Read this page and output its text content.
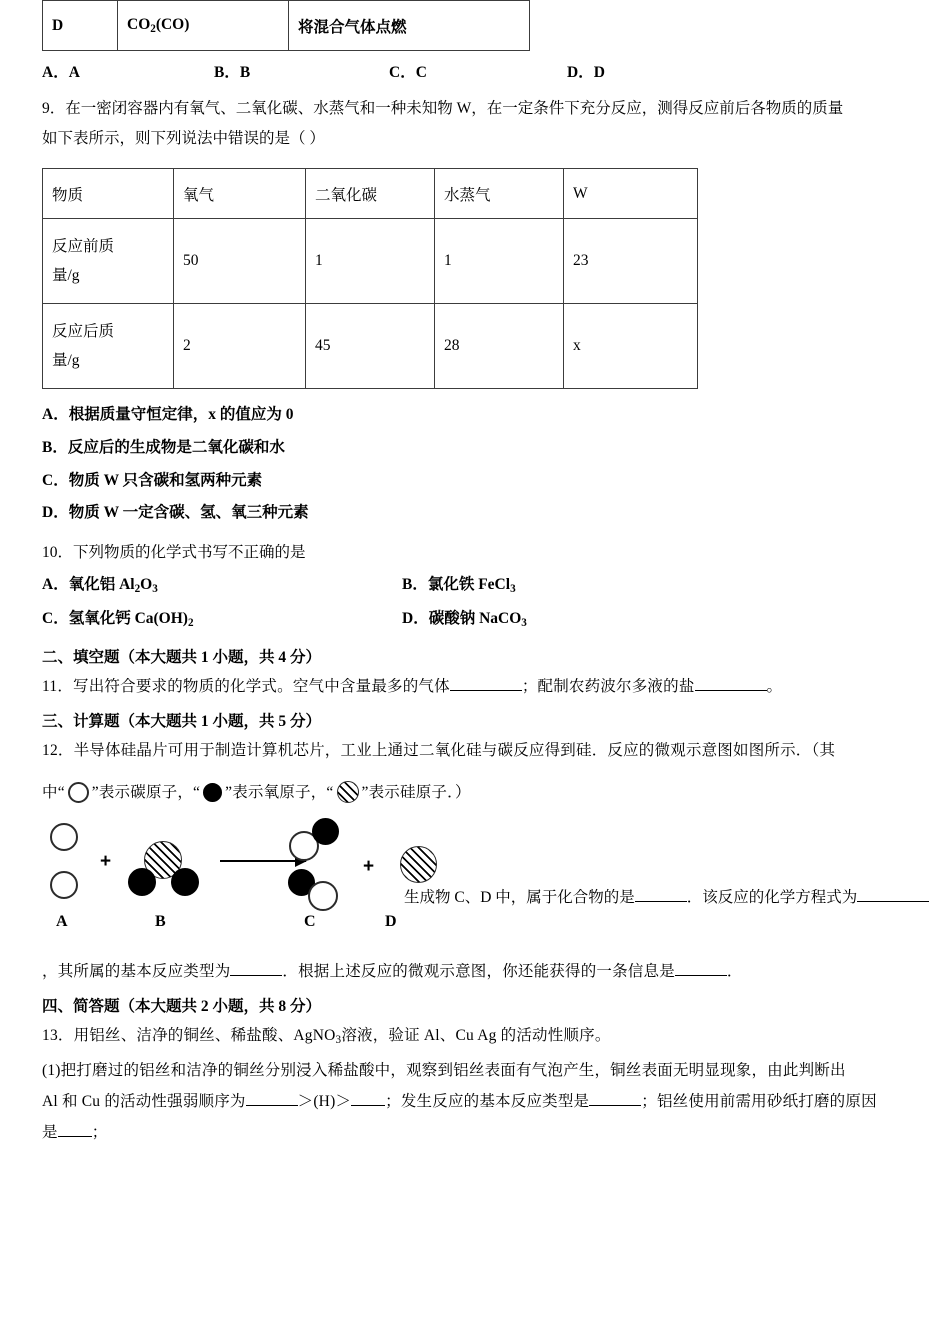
D	$CO_2(CO)$	将混合气体点燃
A．A	B．B	C．C	D．D
9．在一密闭容器内有氧气、二氧化碳、水蒸气和一种未知物 W，在一定条件下充分反应，测得反应前后各物质的质量
如下表所示，则下列说法中错误的是（ ）
物质	氧气	二氧化碳	水蒸气	W

反应前质
量/g	50	1	1	23

反应后质
量/g	2	45	28	x
A．根据质量守恒定律，x 的值应为 0
B．反应后的生成物是二氧化碳和水
C．物质 W 只含碳和氢两种元素
D．物质 W 一定含碳、氢、氧三种元素
10．下列物质的化学式书写不正确的是
A．氧化铝 $Al_2O_3$	B．氯化铁 FeCl$_3$
C．氢氧化钙 $Ca(OH)_2$	D．碳酸钠 NaCO$_3$
二、填空题（本大题共 1 小题，共 4 分）
11．写出符合要求的物质的化学式。空气中含量最多的气体	；配制农药波尔多液的盐	。
三、计算题（本大题共 1 小题，共 5 分）
12．半导体硅晶片可用于制造计算机芯片，工业上通过二氧化硅与碳反应得到硅．反应的微观示意图如图所示．（其
中“ ”表示碳原子，“ ”表示氧原子，“ ”表示硅原子．）
+	+
生成物 C、D 中，属于化合物的是	．该反应的化学方程式为
A	B	C	D
，其所属的基本反应类型为	．根据上述反应的微观示意图，你还能获得的一条信息是	．
四、简答题（本大题共 2 小题，共 8 分）
13．用铝丝、洁净的铜丝、稀盐酸、AgNO$_3$溶液，验证 Al、Cu Ag 的活动性顺序。
(1)把打磨过的铝丝和洁净的铜丝分别浸入稀盐酸中，观察到铝丝表面有气泡产生，铜丝表面无明显现象，由此判断出
Al 和 Cu 的活动性强弱顺序为	＞(H)＞ ；发生反应的基本反应类型是	；铝丝使用前需用砂纸打磨的原因
是 ；
